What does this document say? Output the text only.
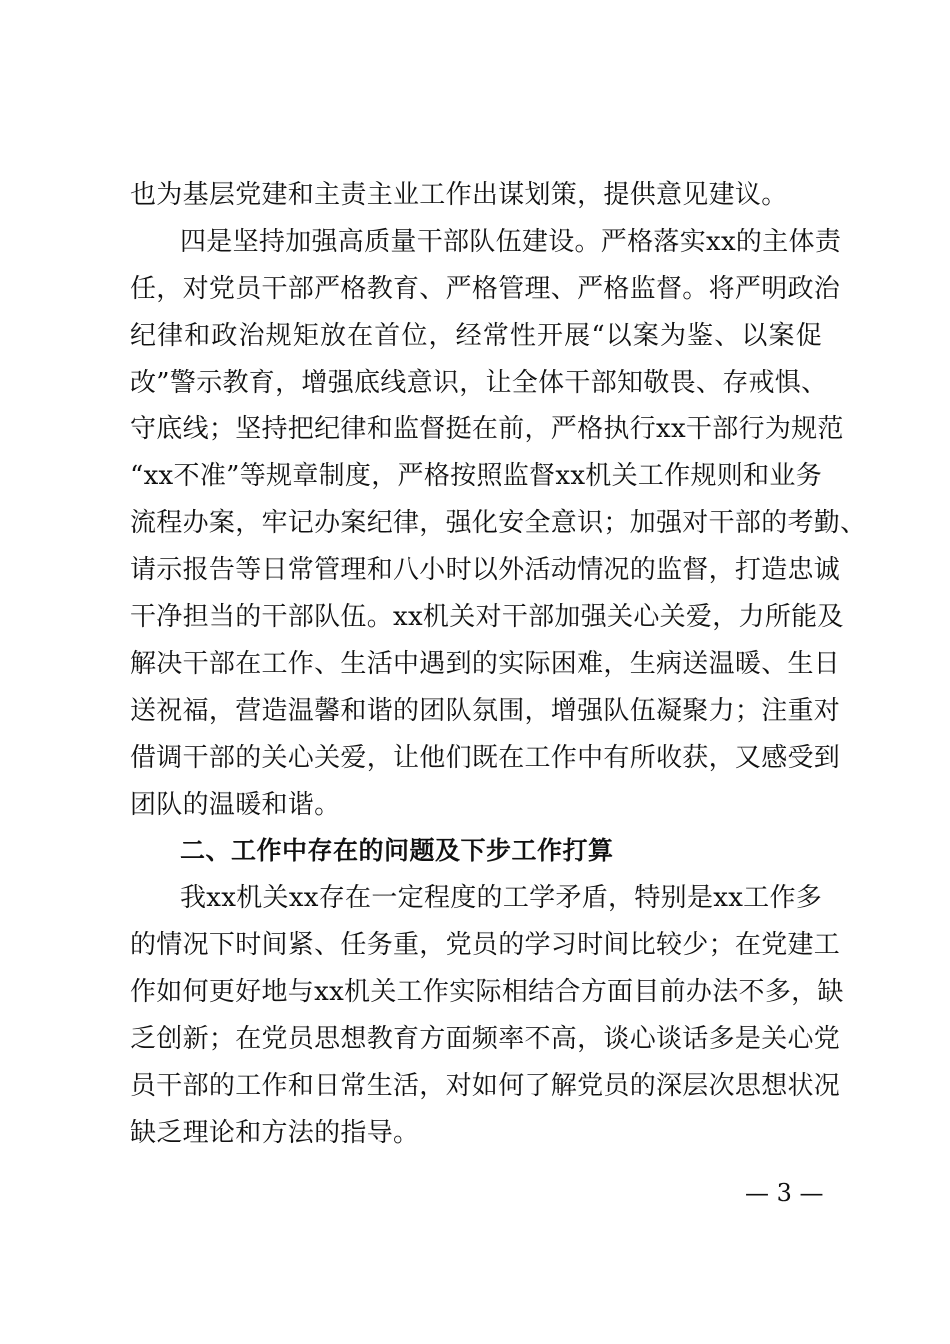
也为基层党建和主责主业工作出谋划策，提供意见建议。
四是坚持加强高质量干部队伍建设。严格落实xx的主体责
任，对党员干部严格教育、严格管理、严格监督。将严明政治
纪律和政治规矩放在首位，经常性开展“以案为鉴、以案促
改”警示教育，增强底线意识，让全体干部知敬畏、存戒惧、
守底线；坚持把纪律和监督挺在前，严格执行xx干部行为规范
“xx不准”等规章制度，严格按照监督xx机关工作规则和业务
流程办案，牢记办案纪律，强化安全意识；加强对干部的考勤、
请示报告等日常管理和八小时以外活动情况的监督，打造忠诚
干净担当的干部队伍。xx机关对干部加强关心关爱，力所能及
解决干部在工作、生活中遇到的实际困难，生病送温暖、生日
送祝福，营造温馨和谐的团队氛围，增强队伍凝聚力；注重对
借调干部的关心关爱，让他们既在工作中有所收获，又感受到
团队的温暖和谐。
二、工作中存在的问题及下步工作打算
我xx机关xx存在一定程度的工学矛盾，特别是xx工作多
的情况下时间紧、任务重，党员的学习时间比较少；在党建工
作如何更好地与xx机关工作实际相结合方面目前办法不多，缺
乏创新；在党员思想教育方面频率不高，谈心谈话多是关心党
员干部的工作和日常生活，对如何了解党员的深层次思想状况
缺乏理论和方法的指导。
— 3 —
